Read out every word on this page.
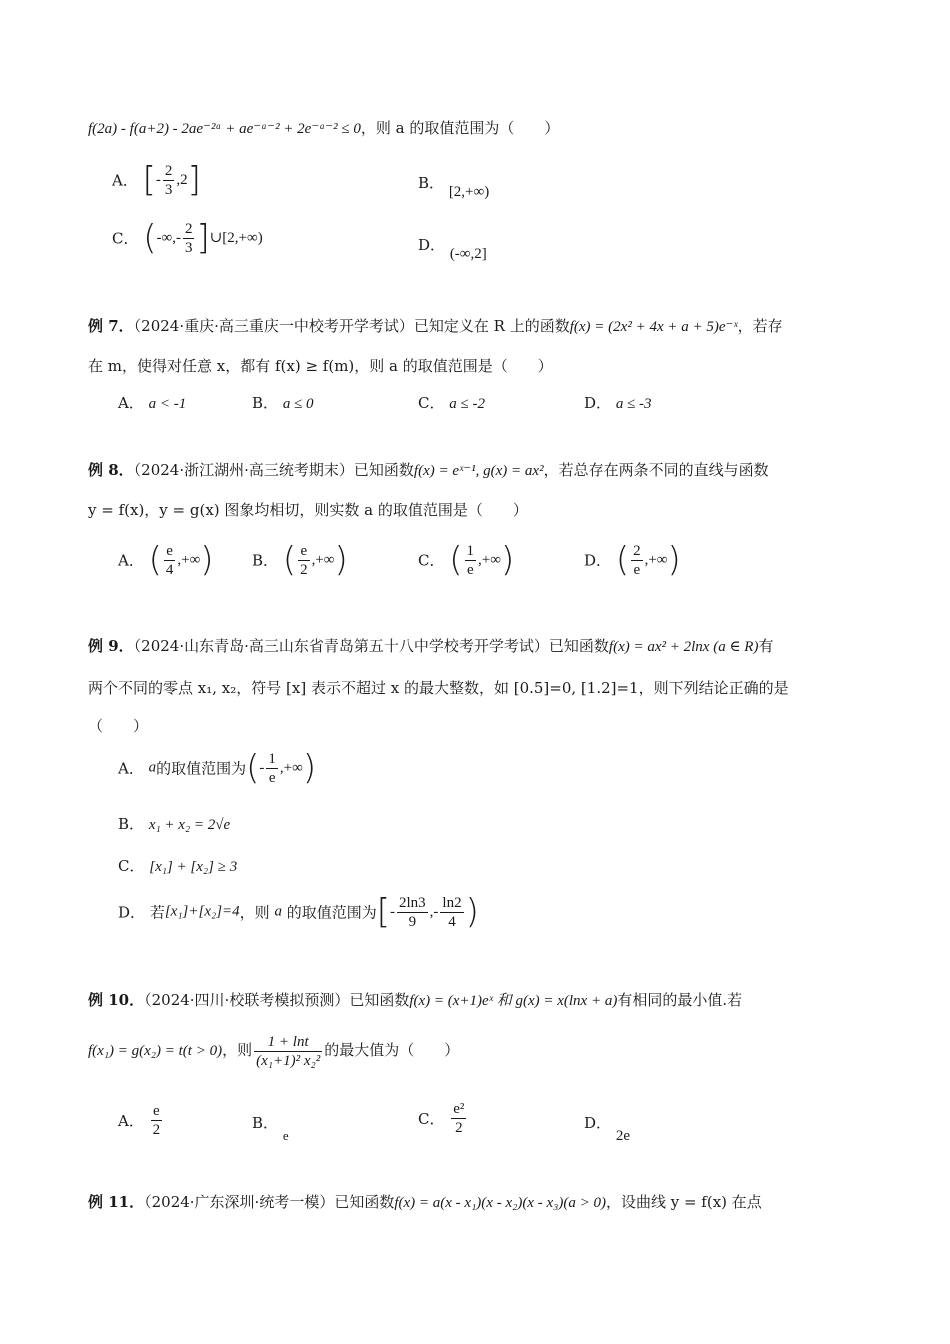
f(2a) - f(a+2) - 2ae⁻²ᵃ + ae⁻ᵃ⁻² + 2e⁻ᵃ⁻² ≤ 0，则 a 的取值范围为（　　）
A． [- $\frac{2}{3} ,2$]	B． [2,+∞)
C． (-∞,- $\frac{2}{3}$ ]∪[2,+∞)	D． (-∞,2]
例 7．（2024·重庆·高三重庆一中校考开学考试）已知定义在 R 上的函数f(x) = (2x² + 4x + a + 5)e⁻ˣ，若存
在 m，使得对任意 x，都有 f(x) ≥ f(m)，则 a 的取值范围是（　　）
A． a < -1	B． a ≤ 0	C． a ≤ -2	D． a ≤ -3
例 8．（2024·浙江湖州·高三统考期末）已知函数f(x) = eˣ⁻¹, g(x) = ax²，若总存在两条不同的直线与函数
y = f(x)，y = g(x) 图象均相切，则实数 a 的取值范围是（　　）
A． ( $\frac{e}{4}$ ,+∞)	B． ( $\frac{e}{2}$ ,+∞)	C． ( $\frac{1}{e}$ ,+∞)	D． ( $\frac{2}{e}$ ,+∞)
例 9．（2024·山东青岛·高三山东省青岛第五十八中学校考开学考试）已知函数f(x) = ax² + 2lnx (a ∈ R)有
两个不同的零点 x₁, x₂，符号 [x] 表示不超过 x 的最大整数，如 [0.5]=0, [1.2]=1，则下列结论正确的是
（　　）
A． a的取值范围为(- $\frac{1}{e}$ ,+∞)
B． x₁ + x₂ = 2√e
C． [x₁] + [x₂] ≥ 3
D． 若[x₁]+[x₂]=4，则 a 的取值范围为[- $\frac{2\ln 3}{9}$ ,- $\frac{\ln 2}{4}$ )
例 10．（2024·四川·校联考模拟预测）已知函数f(x) = (x+1)eˣ 和 g(x) = x(lnx + a)有相同的最小值.若
f(x₁) = g(x₂) = t(t > 0)，则 $\frac{1 + \ln t}{\text{(x₁+1)² x₂²}}$ 的最大值为（　　）
A． $\frac{e}{2}$	B． e
C． $\frac{\text{e²}}{2}$	D． 2e
例 11．（2024·广东深圳·统考一模）已知函数f(x) = a(x - x₁)(x - x₂)(x - x₃)(a > 0)，设曲线 y = f(x) 在点
